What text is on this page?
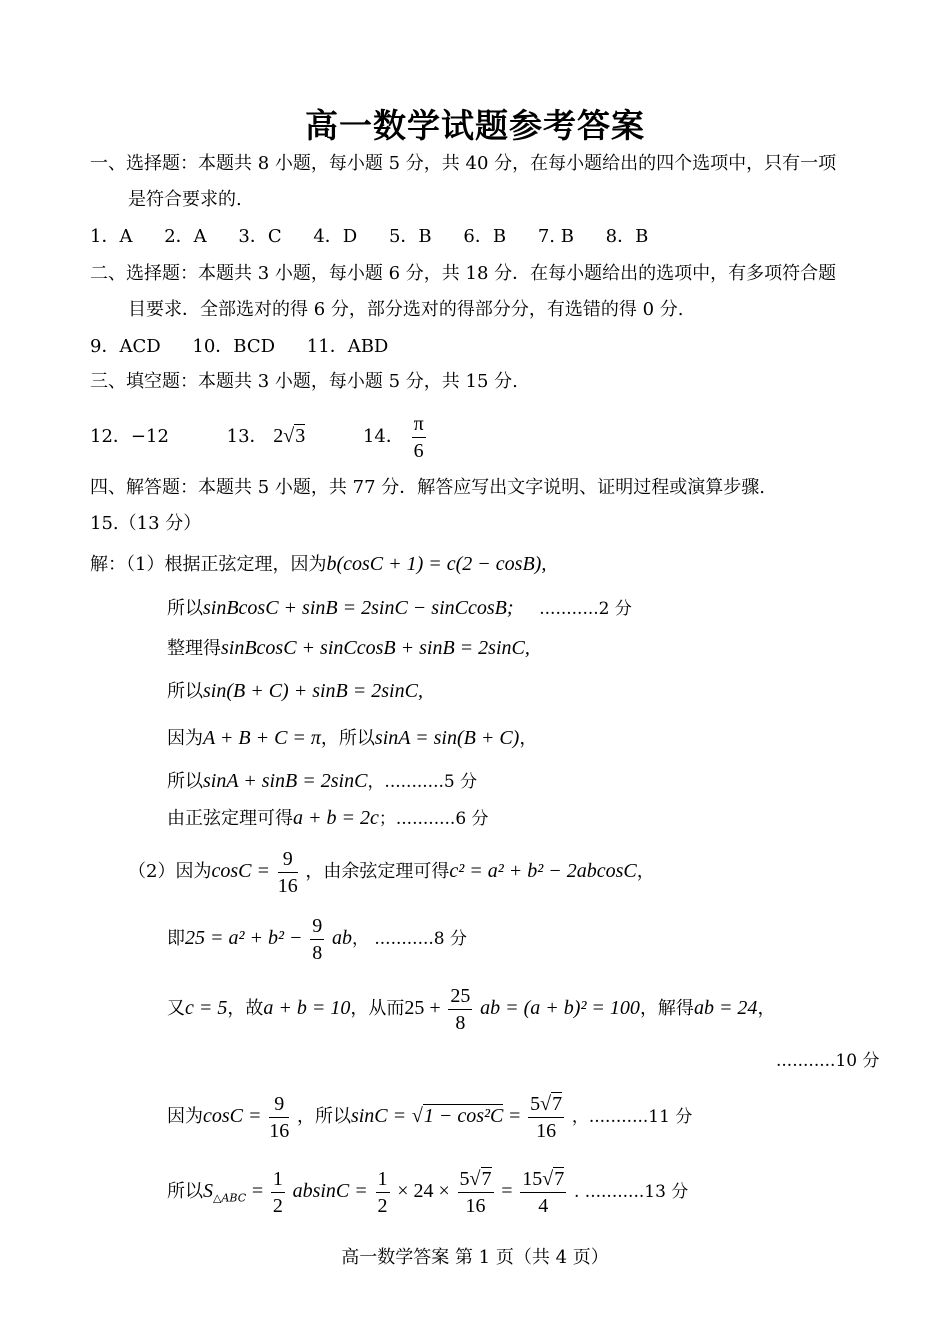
高一数学试题参考答案
一、选择题：本题共 8 小题，每小题 5 分，共 40 分，在每小题给出的四个选项中，只有一项
是符合要求的.
1．A 2．A 3．C 4．D 5．B 6．B 7. B 8．B
二、选择题：本题共 3 小题，每小题 6 分，共 18 分．在每小题给出的选项中，有多项符合题
目要求．全部选对的得 6 分，部分选对的得部分分，有选错的得 0 分.
9．ACD 10．BCD 11．ABD
三、填空题：本题共 3 小题，每小题 5 分，共 15 分.
12．−12	13． 2√3	14． $\frac{\pi}{6}$
四、解答题：本题共 5 小题，共 77 分．解答应写出文字说明、证明过程或演算步骤.
15.（13 分）
解：（1）根据正弦定理，因为b(cosC + 1) = c(2 − cosB),
所以sinBcosC + sinB = 2sinC − sinCcosB; ...........2 分
整理得sinBcosC + sinCcosB + sinB = 2sinC,
所以sin(B + C) + sinB = 2sinC,
因为A + B + C = π，所以sinA = sin(B + C)，
所以sinA + sinB = 2sinC，...........5 分
由正弦定理可得a + b = 2c；...........6 分
（2）因为$\cos C = \frac{9}{16}$ ，由余弦定理可得c² = a² + b² − 2abcosC，
即$25 = a^2 + b^2 - \frac{9}{8}$ ab， ...........8 分
又c = 5，故a + b = 10，从而$25 + \frac{25}{8}$ ab = (a + b)² = 100，解得ab = 24，
...........10 分
因为$\cos C = \frac{9}{16}$ ，所以$\sin C = √1 - \cos^2C = \frac{5√7}{16}$ ，...........11 分
所以$S_{\triangle ABC} = \frac{1}{2}$ $absinC = \frac{1}{2} \times 24 \times \frac{5√7}{16} = \frac{15√7}{4}$ . ...........13 分
高一数学答案 第 1 页（共 4 页）
